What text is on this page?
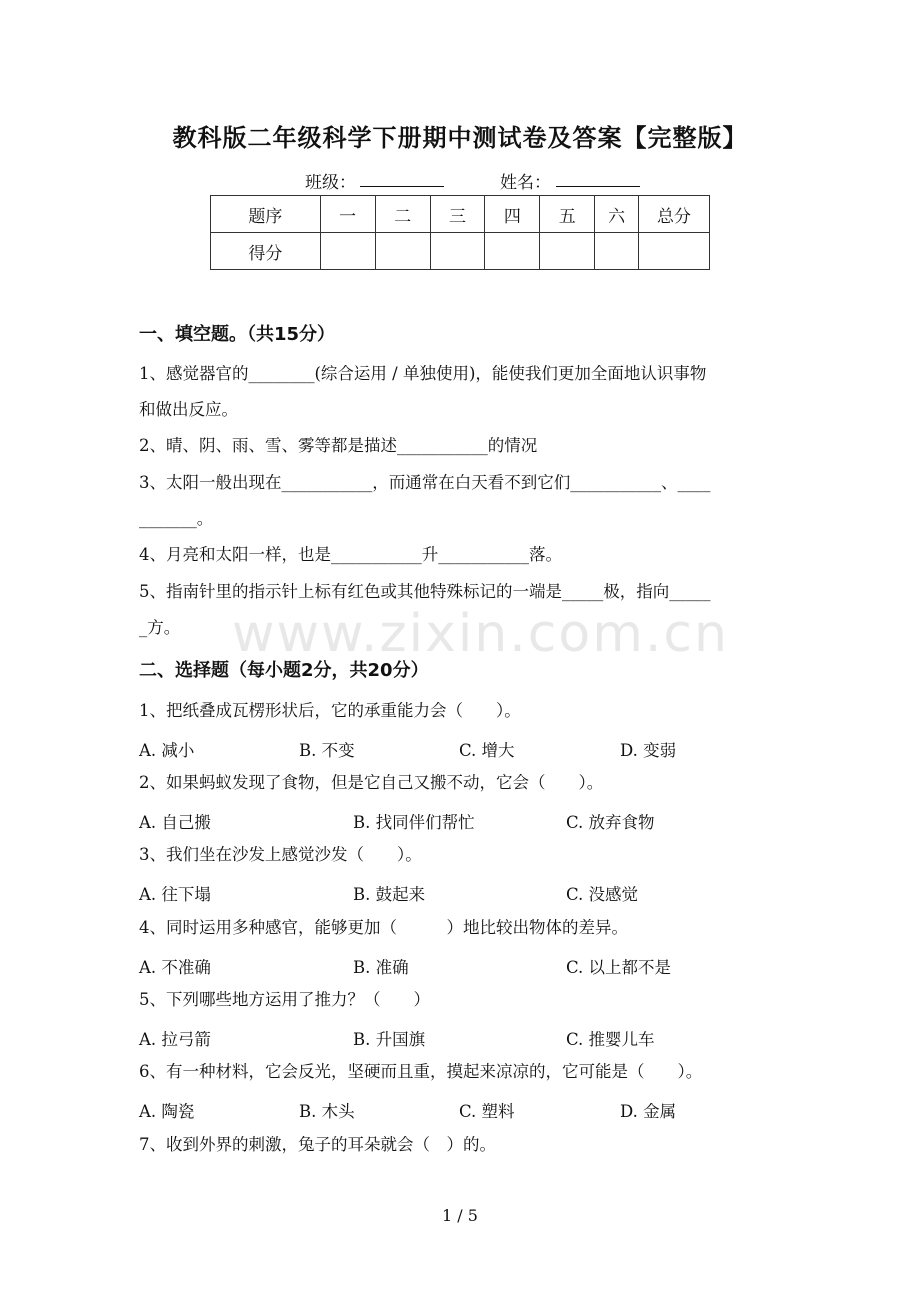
教科版二年级科学下册期中测试卷及答案【完整版】
班级：	姓名：
题序	一	二	三	四	五	六	总分
得分							
一、填空题。（共15分）
1、感觉器官的________(综合运用 / 单独使用)，能使我们更加全面地认识事物
和做出反应。
2、晴、阴、雨、雪、雾等都是描述___________的情况
3、太阳一般出现在___________，而通常在白天看不到它们___________、____
_______。
4、月亮和太阳一样，也是___________升___________落。
5、指南针里的指示针上标有红色或其他特殊标记的一端是_____极，指向_____
_方。 www.zixin.com.cn
二、选择题（每小题2分，共20分）
1、把纸叠成瓦楞形状后，它的承重能力会（　　）。
A. 减小	B. 不变	C. 增大	D. 变弱
2、如果蚂蚁发现了食物，但是它自己又搬不动，它会（　　）。
A. 自己搬	B. 找同伴们帮忙	C. 放弃食物
3、我们坐在沙发上感觉沙发（　　）。
A. 往下塌	B. 鼓起来	C. 没感觉
4、同时运用多种感官，能够更加（　　　）地比较出物体的差异。
A. 不准确	B. 准确	C. 以上都不是
5、下列哪些地方运用了推力？（　　）
A. 拉弓箭	B. 升国旗	C. 推婴儿车
6、有一种材料，它会反光，坚硬而且重，摸起来凉凉的，它可能是（　　）。
A. 陶瓷	B. 木头	C. 塑料	D. 金属
7、收到外界的刺激，兔子的耳朵就会（　）的。
1 / 5
